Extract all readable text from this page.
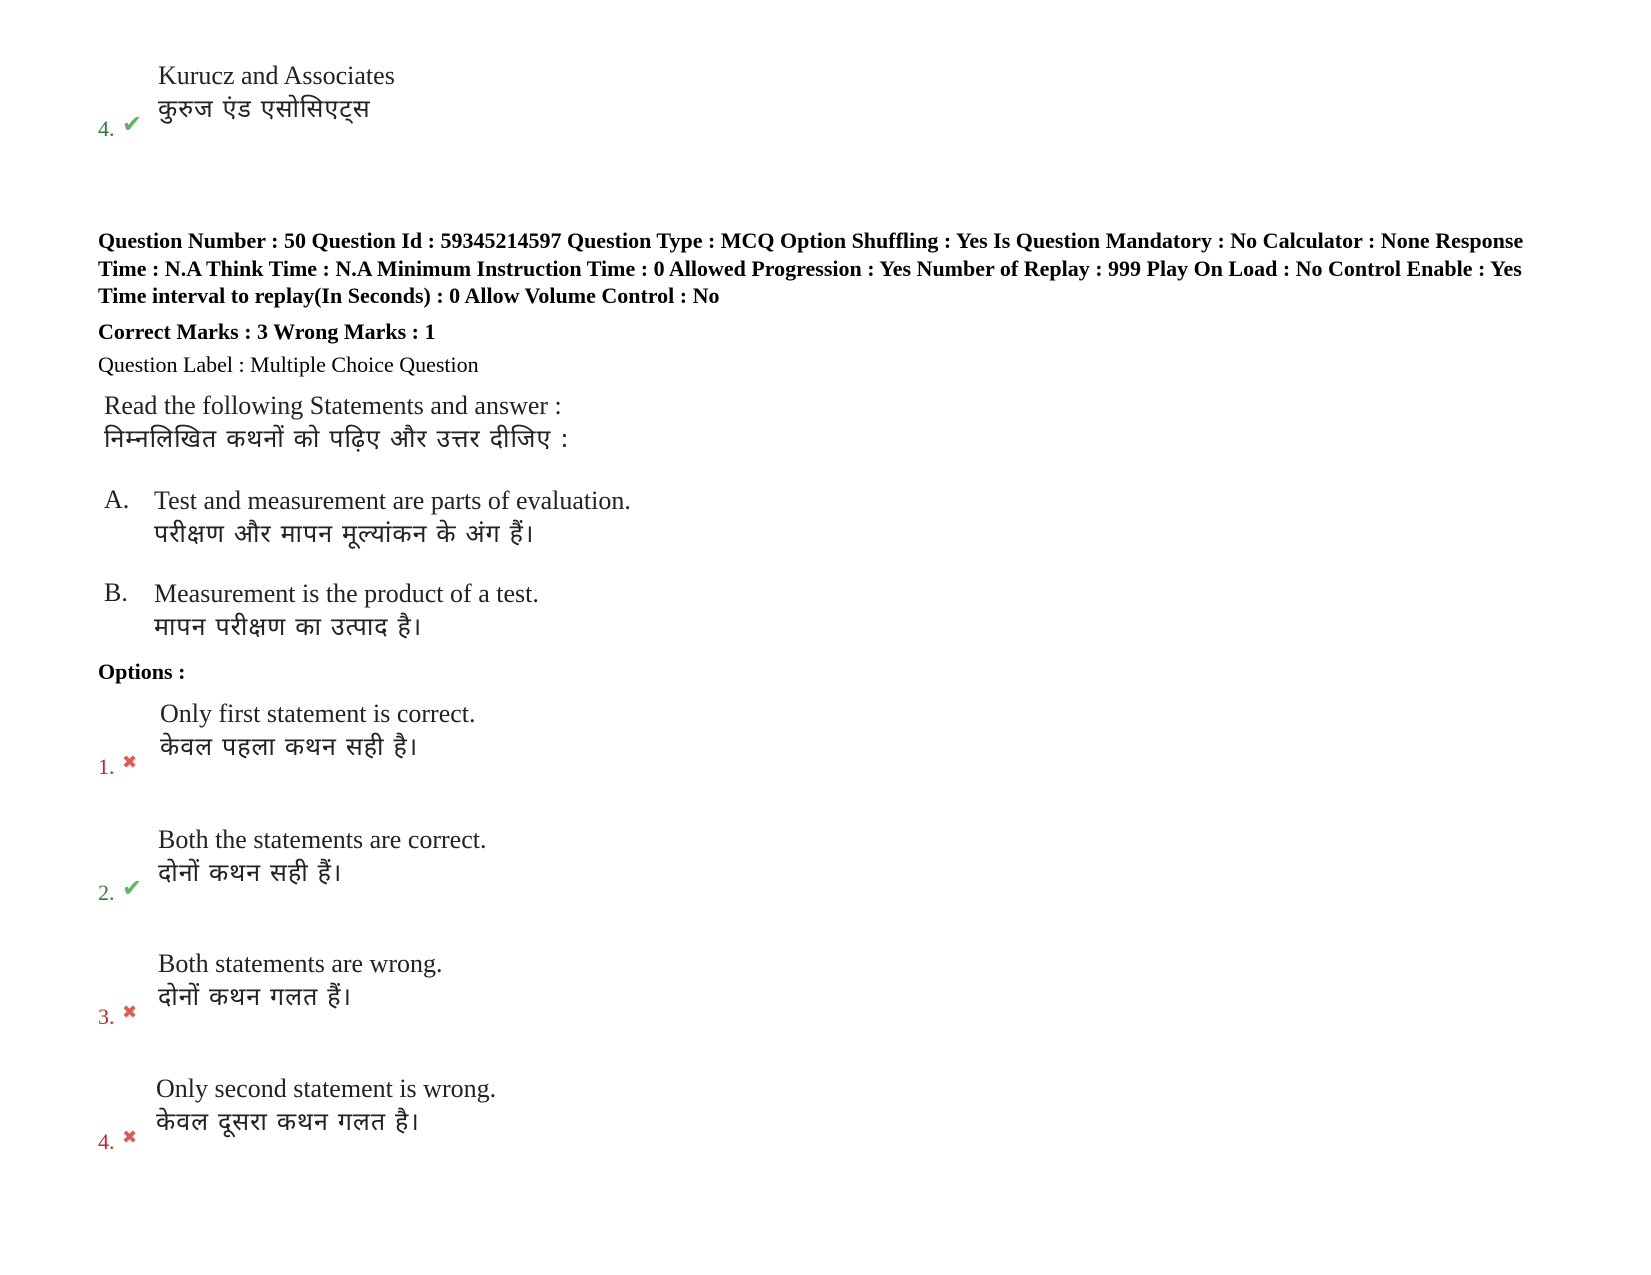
Kurucz and Associates
कुरुज एंड एसोसिएट्स
4. ✔
Question Number : 50 Question Id : 59345214597 Question Type : MCQ Option Shuffling : Yes Is Question Mandatory : No Calculator : None Response Time : N.A Think Time : N.A Minimum Instruction Time : 0 Allowed Progression : Yes Number of Replay : 999 Play On Load : No Control Enable : Yes Time interval to replay(In Seconds) : 0 Allow Volume Control : No
Correct Marks : 3 Wrong Marks : 1
Question Label : Multiple Choice Question
Read the following Statements and answer :
निम्नलिखित कथनों को पढ़िए और उत्तर दीजिए :
A. Test and measurement are parts of evaluation.
परीक्षण और मापन मूल्यांकन के अंग हैं।
B. Measurement is the product of a test.
मापन परीक्षण का उत्पाद है।
Options :
Only first statement is correct.
केवल पहला कथन सही है।
1. ✖
Both the statements are correct.
दोनों कथन सही हैं।
2. ✔
Both statements are wrong.
दोनों कथन गलत हैं।
3. ✖
Only second statement is wrong.
केवल दूसरा कथन गलत है।
4. ✖
